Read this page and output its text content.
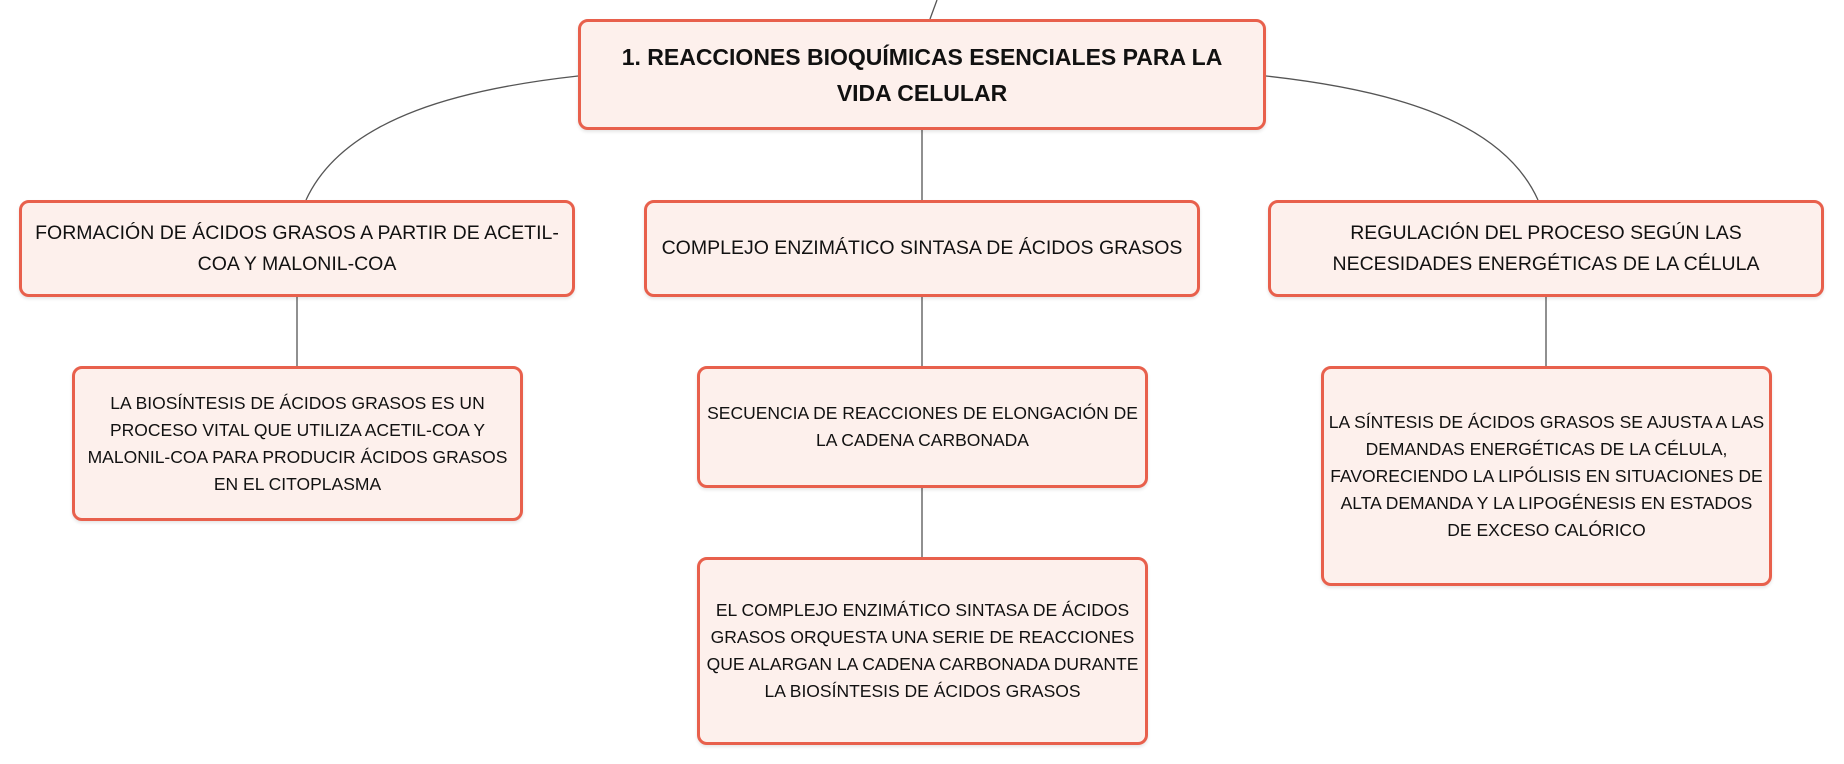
1. REACCIONES BIOQUÍMICAS ESENCIALES PARA LA VIDA CELULAR
FORMACIÓN DE ÁCIDOS GRASOS A PARTIR DE ACETIL-COA Y MALONIL-COA
COMPLEJO ENZIMÁTICO SINTASA DE ÁCIDOS GRASOS
REGULACIÓN DEL PROCESO SEGÚN LAS NECESIDADES ENERGÉTICAS DE LA CÉLULA
LA BIOSÍNTESIS DE ÁCIDOS GRASOS ES UN PROCESO VITAL QUE UTILIZA ACETIL-COA Y MALONIL-COA PARA PRODUCIR ÁCIDOS GRASOS EN EL CITOPLASMA
SECUENCIA DE REACCIONES DE ELONGACIÓN DE LA CADENA CARBONADA
EL COMPLEJO ENZIMÁTICO SINTASA DE ÁCIDOS GRASOS ORQUESTA UNA SERIE DE REACCIONES QUE ALARGAN LA CADENA CARBONADA DURANTE LA BIOSÍNTESIS DE ÁCIDOS GRASOS
LA SÍNTESIS DE ÁCIDOS GRASOS SE AJUSTA A LAS DEMANDAS ENERGÉTICAS DE LA CÉLULA, FAVORECIENDO LA LIPÓLISIS EN SITUACIONES DE ALTA DEMANDA Y LA LIPOGÉNESIS EN ESTADOS DE EXCESO CALÓRICO
